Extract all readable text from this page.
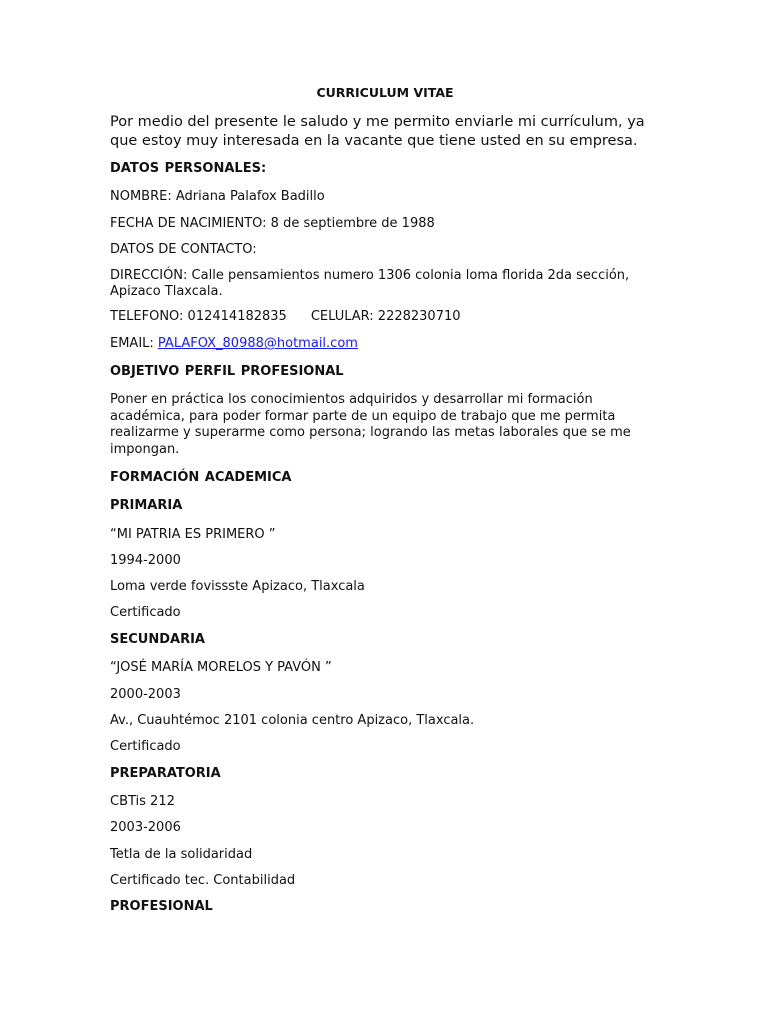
CURRICULUM VITAE
Por medio del presente le saludo y me permito enviarle mi currículum, ya que estoy muy interesada en la vacante que tiene usted en su empresa.
DATOS PERSONALES:
NOMBRE: Adriana Palafox Badillo
FECHA DE NACIMIENTO: 8 de septiembre de 1988
DATOS DE CONTACTO:
DIRECCIÓN: Calle pensamientos numero 1306 colonia loma florida 2da sección,
Apizaco Tlaxcala.
TELEFONO: 012414182835 CELULAR: 2228230710
EMAIL: PALAFOX_80988@hotmail.com
OBJETIVO PERFIL PROFESIONAL
Poner en práctica los conocimientos adquiridos y desarrollar mi formación académica, para poder formar parte de un equipo de trabajo que me permita realizarme y superarme como persona; logrando las metas laborales que se me impongan.
FORMACIÓN ACADEMICA
PRIMARIA
“MI PATRIA ES PRIMERO ”
1994-2000
Loma verde fovissste Apizaco, Tlaxcala
Certificado
SECUNDARIA
“JOSÉ MARÍA MORELOS Y PAVÓN ”
2000-2003
Av., Cuauhtémoc 2101 colonia centro Apizaco, Tlaxcala.
Certificado
PREPARATORIA
CBTis 212
2003-2006
Tetla de la solidaridad
Certificado tec. Contabilidad
PROFESIONAL
